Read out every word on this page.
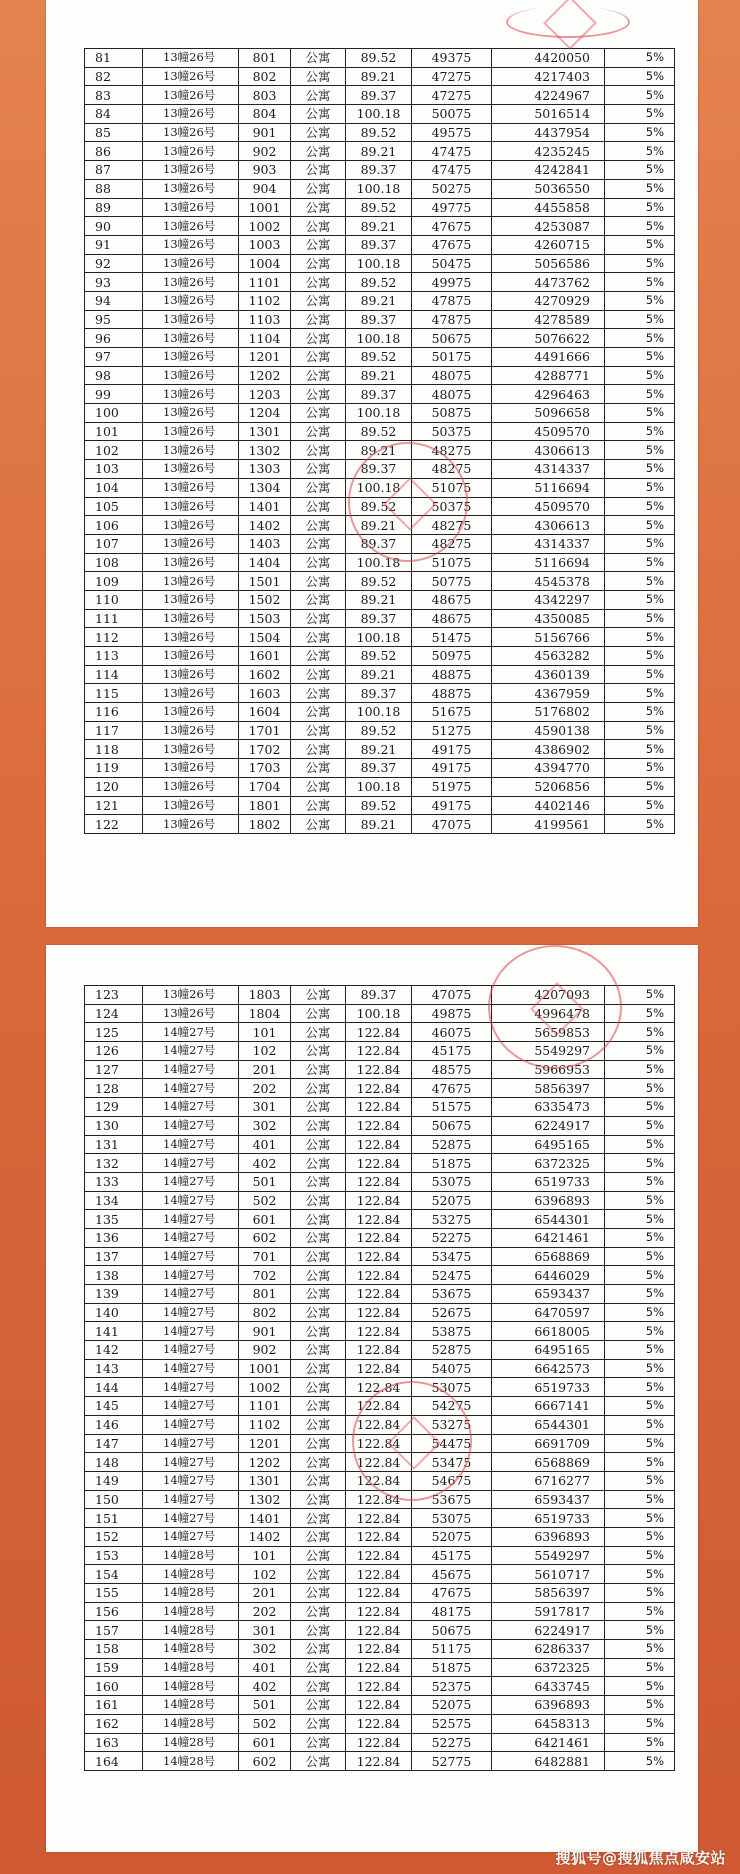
81	13幢26号	801	公寓	89.52	49375	4420050	5%
82	13幢26号	802	公寓	89.21	47275	4217403	5%
83	13幢26号	803	公寓	89.37	47275	4224967	5%
84	13幢26号	804	公寓	100.18	50075	5016514	5%
85	13幢26号	901	公寓	89.52	49575	4437954	5%
86	13幢26号	902	公寓	89.21	47475	4235245	5%
87	13幢26号	903	公寓	89.37	47475	4242841	5%
88	13幢26号	904	公寓	100.18	50275	5036550	5%
89	13幢26号	1001	公寓	89.52	49775	4455858	5%
90	13幢26号	1002	公寓	89.21	47675	4253087	5%
91	13幢26号	1003	公寓	89.37	47675	4260715	5%
92	13幢26号	1004	公寓	100.18	50475	5056586	5%
93	13幢26号	1101	公寓	89.52	49975	4473762	5%
94	13幢26号	1102	公寓	89.21	47875	4270929	5%
95	13幢26号	1103	公寓	89.37	47875	4278589	5%
96	13幢26号	1104	公寓	100.18	50675	5076622	5%
97	13幢26号	1201	公寓	89.52	50175	4491666	5%
98	13幢26号	1202	公寓	89.21	48075	4288771	5%
99	13幢26号	1203	公寓	89.37	48075	4296463	5%
100	13幢26号	1204	公寓	100.18	50875	5096658	5%
101	13幢26号	1301	公寓	89.52	50375	4509570	5%
102	13幢26号	1302	公寓	89.21	48275	4306613	5%
103	13幢26号	1303	公寓	89.37	48275	4314337	5%
104	13幢26号	1304	公寓	100.18	51075	5116694	5%
105	13幢26号	1401	公寓	89.52	50375	4509570	5%
106	13幢26号	1402	公寓	89.21	48275	4306613	5%
107	13幢26号	1403	公寓	89.37	48275	4314337	5%
108	13幢26号	1404	公寓	100.18	51075	5116694	5%
109	13幢26号	1501	公寓	89.52	50775	4545378	5%
110	13幢26号	1502	公寓	89.21	48675	4342297	5%
111	13幢26号	1503	公寓	89.37	48675	4350085	5%
112	13幢26号	1504	公寓	100.18	51475	5156766	5%
113	13幢26号	1601	公寓	89.52	50975	4563282	5%
114	13幢26号	1602	公寓	89.21	48875	4360139	5%
115	13幢26号	1603	公寓	89.37	48875	4367959	5%
116	13幢26号	1604	公寓	100.18	51675	5176802	5%
117	13幢26号	1701	公寓	89.52	51275	4590138	5%
118	13幢26号	1702	公寓	89.21	49175	4386902	5%
119	13幢26号	1703	公寓	89.37	49175	4394770	5%
120	13幢26号	1704	公寓	100.18	51975	5206856	5%
121	13幢26号	1801	公寓	89.52	49175	4402146	5%
122	13幢26号	1802	公寓	89.21	47075	4199561	5%
123	13幢26号	1803	公寓	89.37	47075	4207093	5%
124	13幢26号	1804	公寓	100.18	49875	4996478	5%
125	14幢27号	101	公寓	122.84	46075	5659853	5%
126	14幢27号	102	公寓	122.84	45175	5549297	5%
127	14幢27号	201	公寓	122.84	48575	5966953	5%
128	14幢27号	202	公寓	122.84	47675	5856397	5%
129	14幢27号	301	公寓	122.84	51575	6335473	5%
130	14幢27号	302	公寓	122.84	50675	6224917	5%
131	14幢27号	401	公寓	122.84	52875	6495165	5%
132	14幢27号	402	公寓	122.84	51875	6372325	5%
133	14幢27号	501	公寓	122.84	53075	6519733	5%
134	14幢27号	502	公寓	122.84	52075	6396893	5%
135	14幢27号	601	公寓	122.84	53275	6544301	5%
136	14幢27号	602	公寓	122.84	52275	6421461	5%
137	14幢27号	701	公寓	122.84	53475	6568869	5%
138	14幢27号	702	公寓	122.84	52475	6446029	5%
139	14幢27号	801	公寓	122.84	53675	6593437	5%
140	14幢27号	802	公寓	122.84	52675	6470597	5%
141	14幢27号	901	公寓	122.84	53875	6618005	5%
142	14幢27号	902	公寓	122.84	52875	6495165	5%
143	14幢27号	1001	公寓	122.84	54075	6642573	5%
144	14幢27号	1002	公寓	122.84	53075	6519733	5%
145	14幢27号	1101	公寓	122.84	54275	6667141	5%
146	14幢27号	1102	公寓	122.84	53275	6544301	5%
147	14幢27号	1201	公寓	122.84	54475	6691709	5%
148	14幢27号	1202	公寓	122.84	53475	6568869	5%
149	14幢27号	1301	公寓	122.84	54675	6716277	5%
150	14幢27号	1302	公寓	122.84	53675	6593437	5%
151	14幢27号	1401	公寓	122.84	53075	6519733	5%
152	14幢27号	1402	公寓	122.84	52075	6396893	5%
153	14幢28号	101	公寓	122.84	45175	5549297	5%
154	14幢28号	102	公寓	122.84	45675	5610717	5%
155	14幢28号	201	公寓	122.84	47675	5856397	5%
156	14幢28号	202	公寓	122.84	48175	5917817	5%
157	14幢28号	301	公寓	122.84	50675	6224917	5%
158	14幢28号	302	公寓	122.84	51175	6286337	5%
159	14幢28号	401	公寓	122.84	51875	6372325	5%
160	14幢28号	402	公寓	122.84	52375	6433745	5%
161	14幢28号	501	公寓	122.84	52075	6396893	5%
162	14幢28号	502	公寓	122.84	52575	6458313	5%
163	14幢28号	601	公寓	122.84	52275	6421461	5%
164	14幢28号	602	公寓	122.84	52775	6482881	5%
搜狐号@搜狐焦点咸安站
